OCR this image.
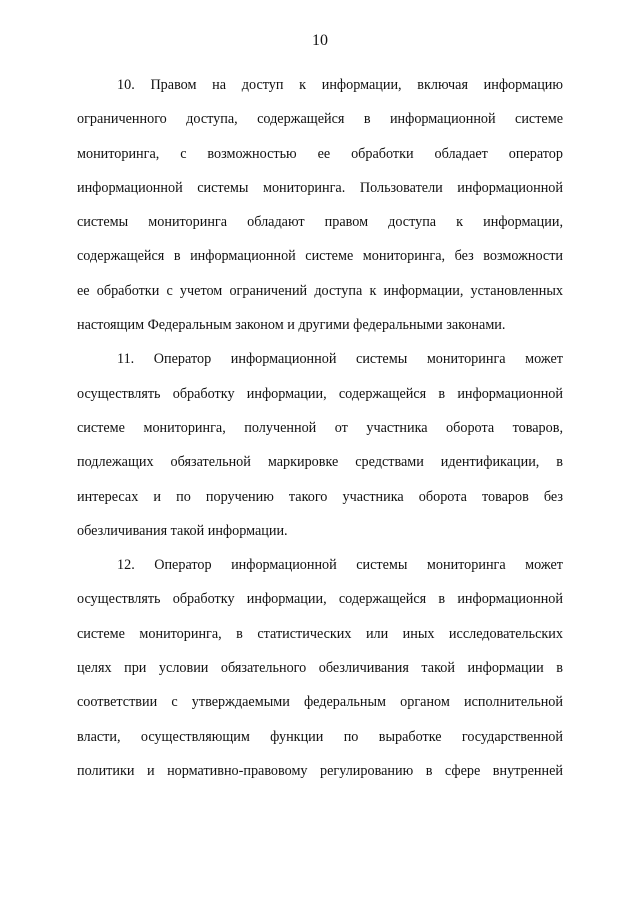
10
10. Правом на доступ к информации, включая информацию
ограниченного доступа, содержащейся в информационной системе
мониторинга, с возможностью ее обработки обладает оператор
информационной системы мониторинга. Пользователи информационной
системы мониторинга обладают правом доступа к информации,
содержащейся в информационной системе мониторинга, без возможности
ее обработки с учетом ограничений доступа к информации, установленных
настоящим Федеральным законом и другими федеральными законами.
11. Оператор информационной системы мониторинга может
осуществлять обработку информации, содержащейся в информационной
системе мониторинга, полученной от участника оборота товаров,
подлежащих обязательной маркировке средствами идентификации, в
интересах и по поручению такого участника оборота товаров без
обезличивания такой информации.
12. Оператор информационной системы мониторинга может
осуществлять обработку информации, содержащейся в информационной
системе мониторинга, в статистических или иных исследовательских
целях при условии обязательного обезличивания такой информации в
соответствии с утверждаемыми федеральным органом исполнительной
власти, осуществляющим функции по выработке государственной
политики и нормативно-правовому регулированию в сфере внутренней
